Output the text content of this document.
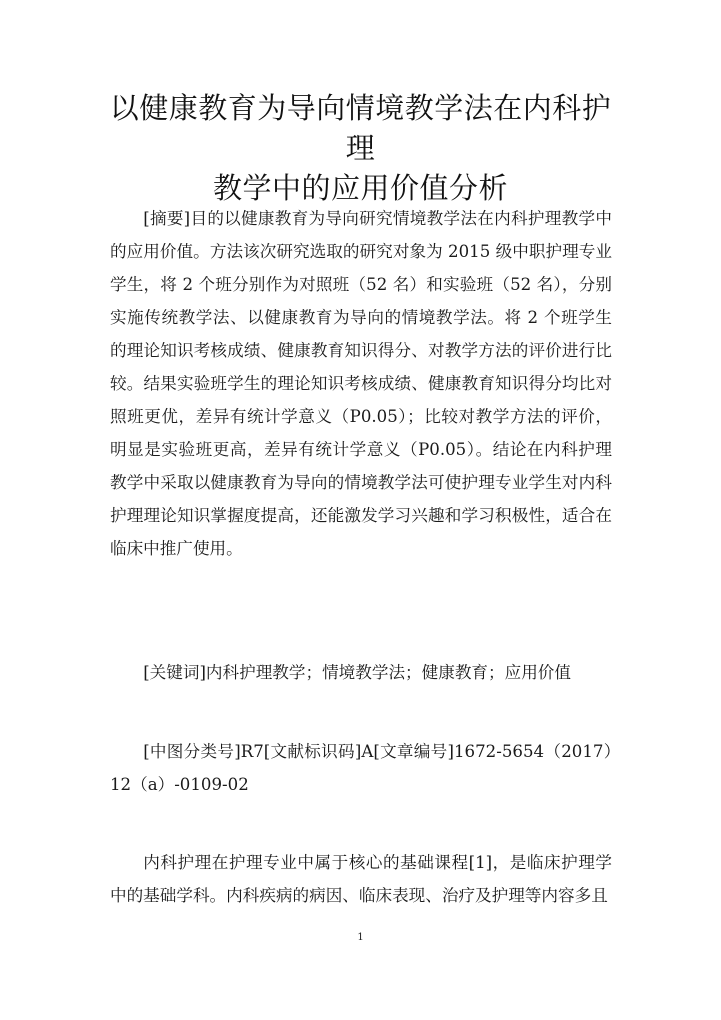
以健康教育为导向情境教学法在内科护理
教学中的应用价值分析

[摘要]目的以健康教育为导向研究情境教学法在内科护理教学中的应用价值。方法该次研究选取的研究对象为 2015 级中职护理专业学生，将 2 个班分别作为对照班（52 名）和实验班（52 名），分别实施传统教学法、以健康教育为导向的情境教学法。将 2 个班学生的理论知识考核成绩、健康教育知识得分、对教学方法的评价进行比较。结果实验班学生的理论知识考核成绩、健康教育知识得分均比对照班更优，差异有统计学意义（P0.05）；比较对教学方法的评价，明显是实验班更高，差异有统计学意义（P0.05）。结论在内科护理教学中采取以健康教育为导向的情境教学法可使护理专业学生对内科护理理论知识掌握度提高，还能激发学习兴趣和学习积极性，适合在临床中推广使用。

[关键词]内科护理教学；情境教学法；健康教育；应用价值

[中图分类号]R7[文献标识码]A[文章编号]1672-5654（2017）12（a）-0109-02

内科护理在护理专业中属于核心的基础课程[1]，是临床护理学中的基础学科。内科疾病的病因、临床表现、治疗及护理等内容多且

1
